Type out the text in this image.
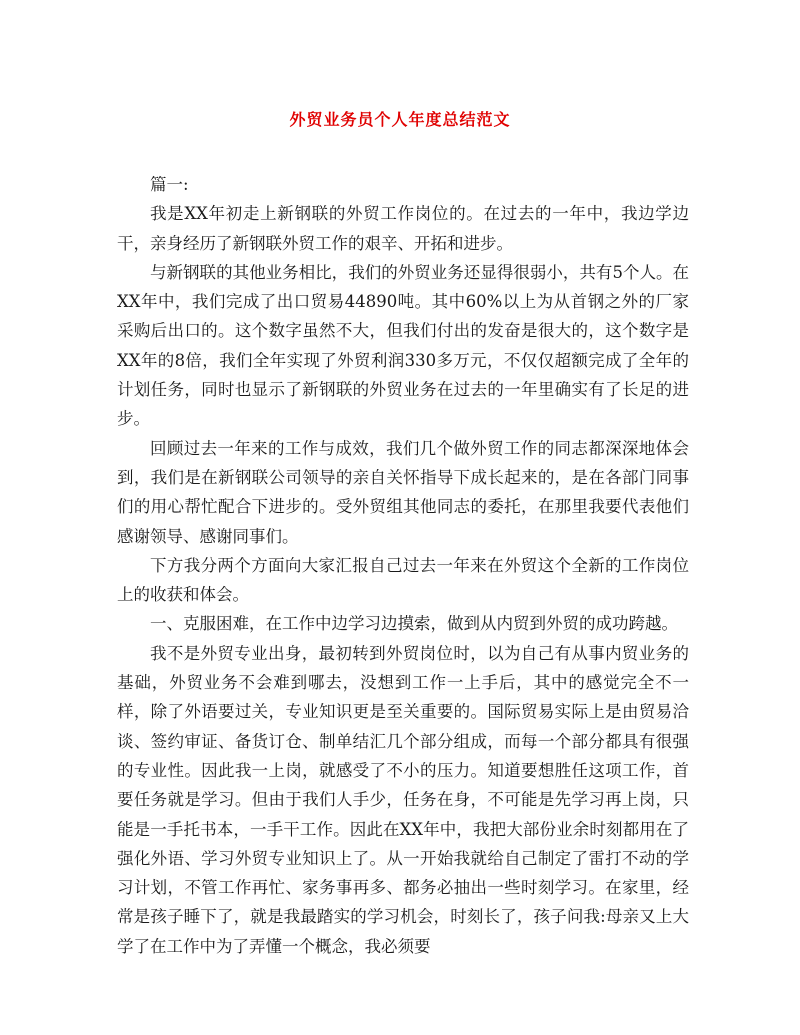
外贸业务员个人年度总结范文

篇一:

我是XX年初走上新钢联的外贸工作岗位的。在过去的一年中，我边学边干，亲身经历了新钢联外贸工作的艰辛、开拓和进步。

与新钢联的其他业务相比，我们的外贸业务还显得很弱小，共有5个人。在XX年中，我们完成了出口贸易44890吨。其中60%以上为从首钢之外的厂家采购后出口的。这个数字虽然不大，但我们付出的发奋是很大的，这个数字是XX年的8倍，我们全年实现了外贸利润330多万元，不仅仅超额完成了全年的计划任务，同时也显示了新钢联的外贸业务在过去的一年里确实有了长足的进步。

回顾过去一年来的工作与成效，我们几个做外贸工作的同志都深深地体会到，我们是在新钢联公司领导的亲自关怀指导下成长起来的，是在各部门同事们的用心帮忙配合下进步的。受外贸组其他同志的委托，在那里我要代表他们感谢领导、感谢同事们。

下方我分两个方面向大家汇报自己过去一年来在外贸这个全新的工作岗位上的收获和体会。

一、克服困难，在工作中边学习边摸索，做到从内贸到外贸的成功跨越。

我不是外贸专业出身，最初转到外贸岗位时，以为自己有从事内贸业务的基础，外贸业务不会难到哪去，没想到工作一上手后，其中的感觉完全不一样，除了外语要过关，专业知识更是至关重要的。国际贸易实际上是由贸易洽谈、签约审证、备货订仓、制单结汇几个部分组成，而每一个部分都具有很强的专业性。因此我一上岗，就感受了不小的压力。知道要想胜任这项工作，首要任务就是学习。但由于我们人手少，任务在身，不可能是先学习再上岗，只能是一手托书本，一手干工作。因此在XX年中，我把大部份业余时刻都用在了强化外语、学习外贸专业知识上了。从一开始我就给自己制定了雷打不动的学习计划，不管工作再忙、家务事再多、都务必抽出一些时刻学习。在家里，经常是孩子睡下了，就是我最踏实的学习机会，时刻长了，孩子问我:母亲又上大学了在工作中为了弄懂一个概念，我必须要
